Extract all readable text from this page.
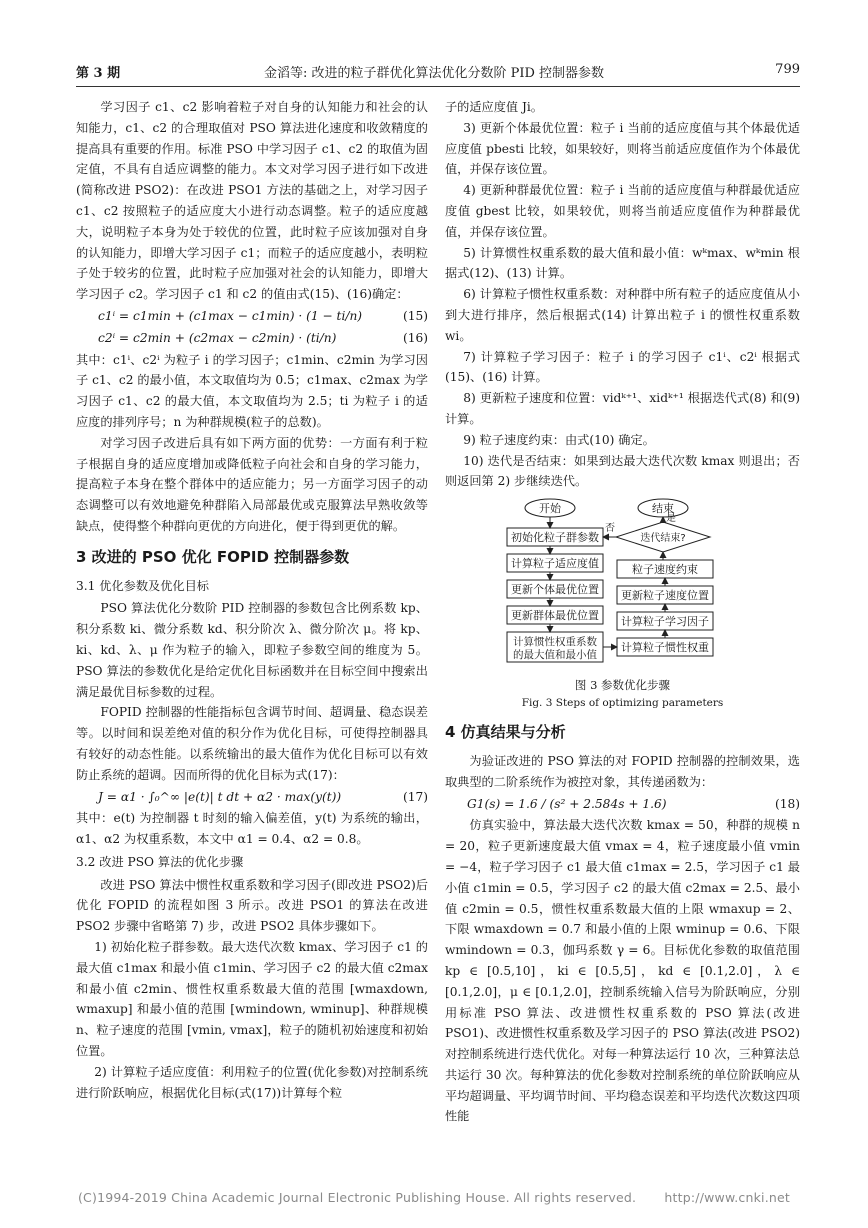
第 3 期	金滔等: 改进的粒子群优化算法优化分数阶 PID 控制器参数	799

学习因子 c1、c2 影响着粒子对自身的认知能力和社会的认知能力，c1、c2 的合理取值对 PSO 算法进化速度和收敛精度的提高具有重要的作用。标准 PSO 中学习因子 c1、c2 的取值为固定值，不具有自适应调整的能力。本文对学习因子进行如下改进(简称改进 PSO2)：在改进 PSO1 方法的基础之上，对学习因子 c1、c2 按照粒子的适应度大小进行动态调整。粒子的适应度越大，说明粒子本身为处于较优的位置，此时粒子应该加强对自身的认知能力，即增大学习因子 c1；而粒子的适应度越小，表明粒子处于较劣的位置，此时粒子应加强对社会的认知能力，即增大学习因子 c2。学习因子 c1 和 c2 的值由式(15)、(16)确定：

c1ⁱ = c1min + (c1max − c1min) · (1 − ti/n)	(15)
c2ⁱ = c2min + (c2max − c2min) · (ti/n)	(16)

其中：c1ⁱ、c2ⁱ 为粒子 i 的学习因子；c1min、c2min 为学习因子 c1、c2 的最小值，本文取值均为 0.5；c1max、c2max 为学习因子 c1、c2 的最大值，本文取值均为 2.5；ti 为粒子 i 的适应度的排列序号；n 为种群规模(粒子的总数)。

对学习因子改进后具有如下两方面的优势：一方面有利于粒子根据自身的适应度增加或降低粒子向社会和自身的学习能力，提高粒子本身在整个群体中的适应能力；另一方面学习因子的动态调整可以有效地避免种群陷入局部最优或克服算法早熟收敛等缺点，使得整个种群向更优的方向进化，便于得到更优的解。

3 改进的 PSO 优化 FOPID 控制器参数
3.1 优化参数及优化目标

PSO 算法优化分数阶 PID 控制器的参数包含比例系数 kp、积分系数 ki、微分系数 kd、积分阶次 λ、微分阶次 μ。将 kp、ki、kd、λ、μ 作为粒子的输入，即粒子参数空间的维度为 5。PSO 算法的参数优化是给定优化目标函数并在目标空间中搜索出满足最优目标参数的过程。

FOPID 控制器的性能指标包含调节时间、超调量、稳态误差等。以时间和误差绝对值的积分作为优化目标，可使得控制器具有较好的动态性能。以系统输出的最大值作为优化目标可以有效防止系统的超调。因而所得的优化目标为式(17)：

J = α1 · ∫₀^∞ |e(t)| t dt + α2 · max(y(t))	(17)

其中：e(t) 为控制器 t 时刻的输入偏差值，y(t) 为系统的输出，α1、α2 为权重系数，本文中 α1 = 0.4、α2 = 0.8。

3.2 改进 PSO 算法的优化步骤

改进 PSO 算法中惯性权重系数和学习因子(即改进 PSO2)后优化 FOPID 的流程如图 3 所示。改进 PSO1 的算法在改进 PSO2 步骤中省略第 7) 步，改进 PSO2 具体步骤如下。

1) 初始化粒子群参数。最大迭代次数 kmax、学习因子 c1 的最大值 c1max 和最小值 c1min、学习因子 c2 的最大值 c2max 和最小值 c2min、惯性权重系数最大值的范围 [wmaxdown, wmaxup] 和最小值的范围 [wmindown, wminup]、种群规模 n、粒子速度的范围 [vmin, vmax]，粒子的随机初始速度和初始位置。

2) 计算粒子适应度值：利用粒子的位置(优化参数)对控制系统进行阶跃响应，根据优化目标(式(17))计算每个粒

子的适应度值 Ji。

3) 更新个体最优位置：粒子 i 当前的适应度值与其个体最优适应度值 pbesti 比较，如果较好，则将当前适应度值作为个体最优值，并保存该位置。

4) 更新种群最优位置：粒子 i 当前的适应度值与种群最优适应度值 gbest 比较，如果较优，则将当前适应度值作为种群最优值，并保存该位置。

5) 计算惯性权重系数的最大值和最小值：wᵏmax、wᵏmin 根据式(12)、(13) 计算。

6) 计算粒子惯性权重系数：对种群中所有粒子的适应度值从小到大进行排序，然后根据式(14) 计算出粒子 i 的惯性权重系数 wi。

7) 计算粒子学习因子：粒子 i 的学习因子 c1ⁱ、c2ⁱ 根据式(15)、(16) 计算。

8) 更新粒子速度和位置：vidᵏ⁺¹、xidᵏ⁺¹ 根据迭代式(8) 和(9) 计算。

9) 粒子速度约束：由式(10) 确定。

10) 迭代是否结束：如果到达最大迭代次数 kmax 则退出；否则返回第 2) 步继续迭代。

开始	结束
迭代结束?
是
否
初始化粒子群参数
计算粒子适应度值
更新个体最优位置
更新群体最优位置
计算惯性权重系数
的最大值和最小值
粒子速度约束
更新粒子速度位置
计算粒子学习因子
计算粒子惯性权重
图 3 参数优化步骤
Fig. 3 Steps of optimizing parameters
4 仿真结果与分析

为验证改进的 PSO 算法的对 FOPID 控制器的控制效果，选取典型的二阶系统作为被控对象，其传递函数为：

G1(s) = 1.6 / (s² + 2.584s + 1.6)	(18)

仿真实验中，算法最大迭代次数 kmax = 50，种群的规模 n = 20，粒子更新速度最大值 vmax = 4，粒子速度最小值 vmin = −4，粒子学习因子 c1 最大值 c1max = 2.5，学习因子 c1 最小值 c1min = 0.5，学习因子 c2 的最大值 c2max = 2.5、最小值 c2min = 0.5，惯性权重系数最大值的上限 wmaxup = 2、下限 wmaxdown = 0.7 和最小值的上限 wminup = 0.6、下限 wmindown = 0.3，伽玛系数 γ = 6。目标优化参数的取值范围 kp ∈ [0.5,10]，ki ∈ [0.5,5]，kd ∈ [0.1,2.0]，λ ∈ [0.1,2.0]，μ ∈ [0.1,2.0]，控制系统输入信号为阶跃响应，分别用标准 PSO 算法、改进惯性权重系数的 PSO 算法(改进 PSO1)、改进惯性权重系数及学习因子的 PSO 算法(改进 PSO2)对控制系统进行迭代优化。对每一种算法运行 10 次，三种算法总共运行 30 次。每种算法的优化参数对控制系统的单位阶跃响应从平均超调量、平均调节时间、平均稳态误差和平均迭代次数这四项性能

(C)1994-2019 China Academic Journal Electronic Publishing House. All rights reserved. http://www.cnki.net
